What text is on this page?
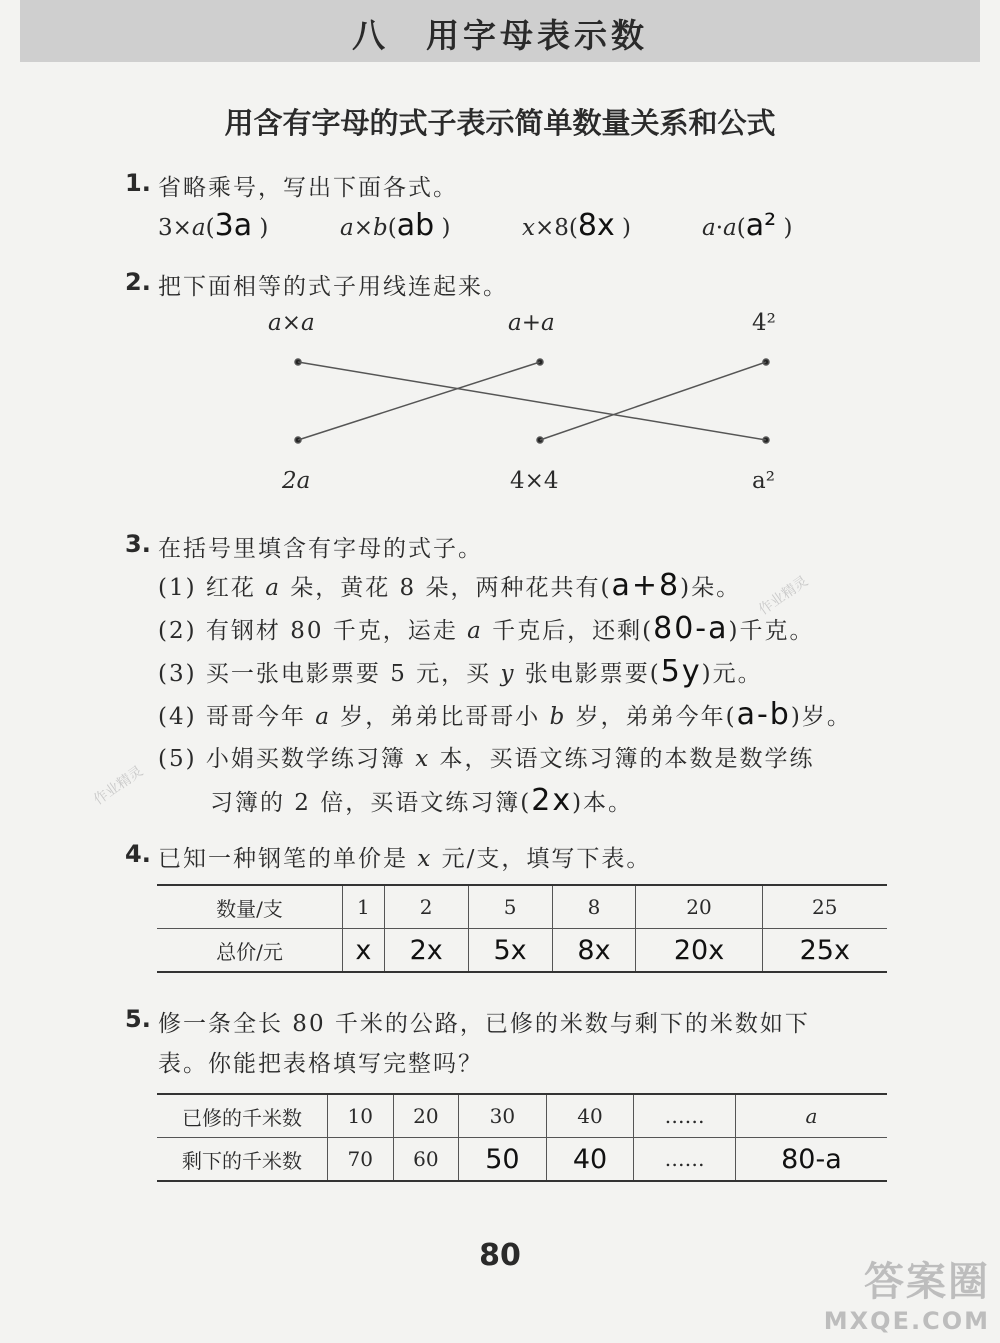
八　用字母表示数
用含有字母的式子表示简单数量关系和公式
1. 省略乘号，写出下面各式。
3×a(3a )	a×b(ab )	x×8(8x )	a·a(a² )
2. 把下面相等的式子用线连起来。
a×a	a+a	4²
2a	4×4	a²
3. 在括号里填含有字母的式子。
(1) 红花 a 朵，黄花 8 朵，两种花共有(a+8)朵。
(2) 有钢材 80 千克，运走 a 千克后，还剩(80-a)千克。
(3) 买一张电影票要 5 元，买 y 张电影票要(5y)元。
(4) 哥哥今年 a 岁，弟弟比哥哥小 b 岁，弟弟今年(a-b)岁。
(5) 小娟买数学练习簿 x 本，买语文练习簿的本数是数学练
习簿的 2 倍，买语文练习簿(2x)本。
4. 已知一种钢笔的单价是 x 元/支，填写下表。
数量/支	1	2	5	8	20	25
总价/元	x	2x	5x	8x	20x	25x
5. 修一条全长 80 千米的公路，已修的米数与剩下的米数如下
表。你能把表格填写完整吗？
已修的千米数	10	20	30	40	……	a
剩下的千米数	70	60	50	40	……	80-a
80
作业精灵
作业精灵
答案圈
MXQE.COM
